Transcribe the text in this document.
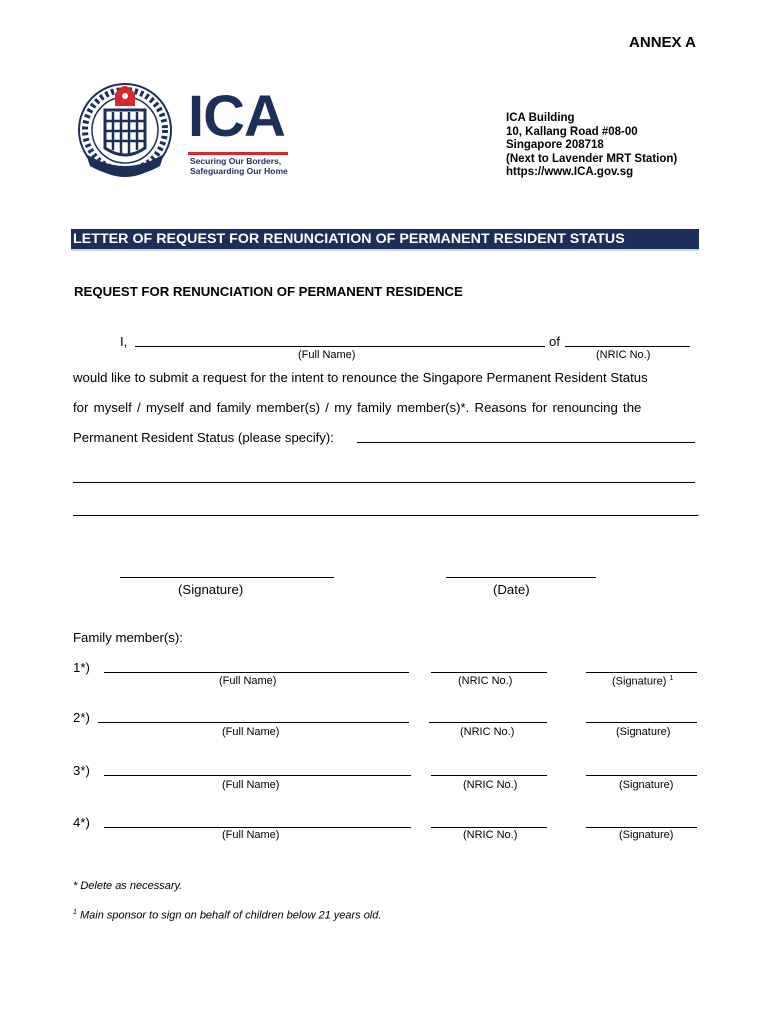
ANNEX A
ICA
Securing Our Borders,
Safeguarding Our Home
ICA Building
10, Kallang Road #08-00
Singapore 208718
(Next to Lavender MRT Station)
https://www.ICA.gov.sg
LETTER OF REQUEST FOR RENUNCIATION OF PERMANENT RESIDENT STATUS
REQUEST FOR RENUNCIATION OF PERMANENT RESIDENCE
I,	of
(Full Name)	(NRIC No.)
would like to submit a request for the intent to renounce the Singapore Permanent Resident Status
for myself / myself and family member(s) / my family member(s)*. Reasons for renouncing the
Permanent Resident Status (please specify):
.
(Signature)	(Date)
Family member(s):
1*)
(Full Name)	(NRIC No.)	(Signature) $^1$
2*)
(Full Name)	(NRIC No.)	(Signature)
3*)
(Full Name)	(NRIC No.)	(Signature)
4*)
(Full Name)	(NRIC No.)	(Signature)
* Delete as necessary.
$^1$ Main sponsor to sign on behalf of children below 21 years old.
